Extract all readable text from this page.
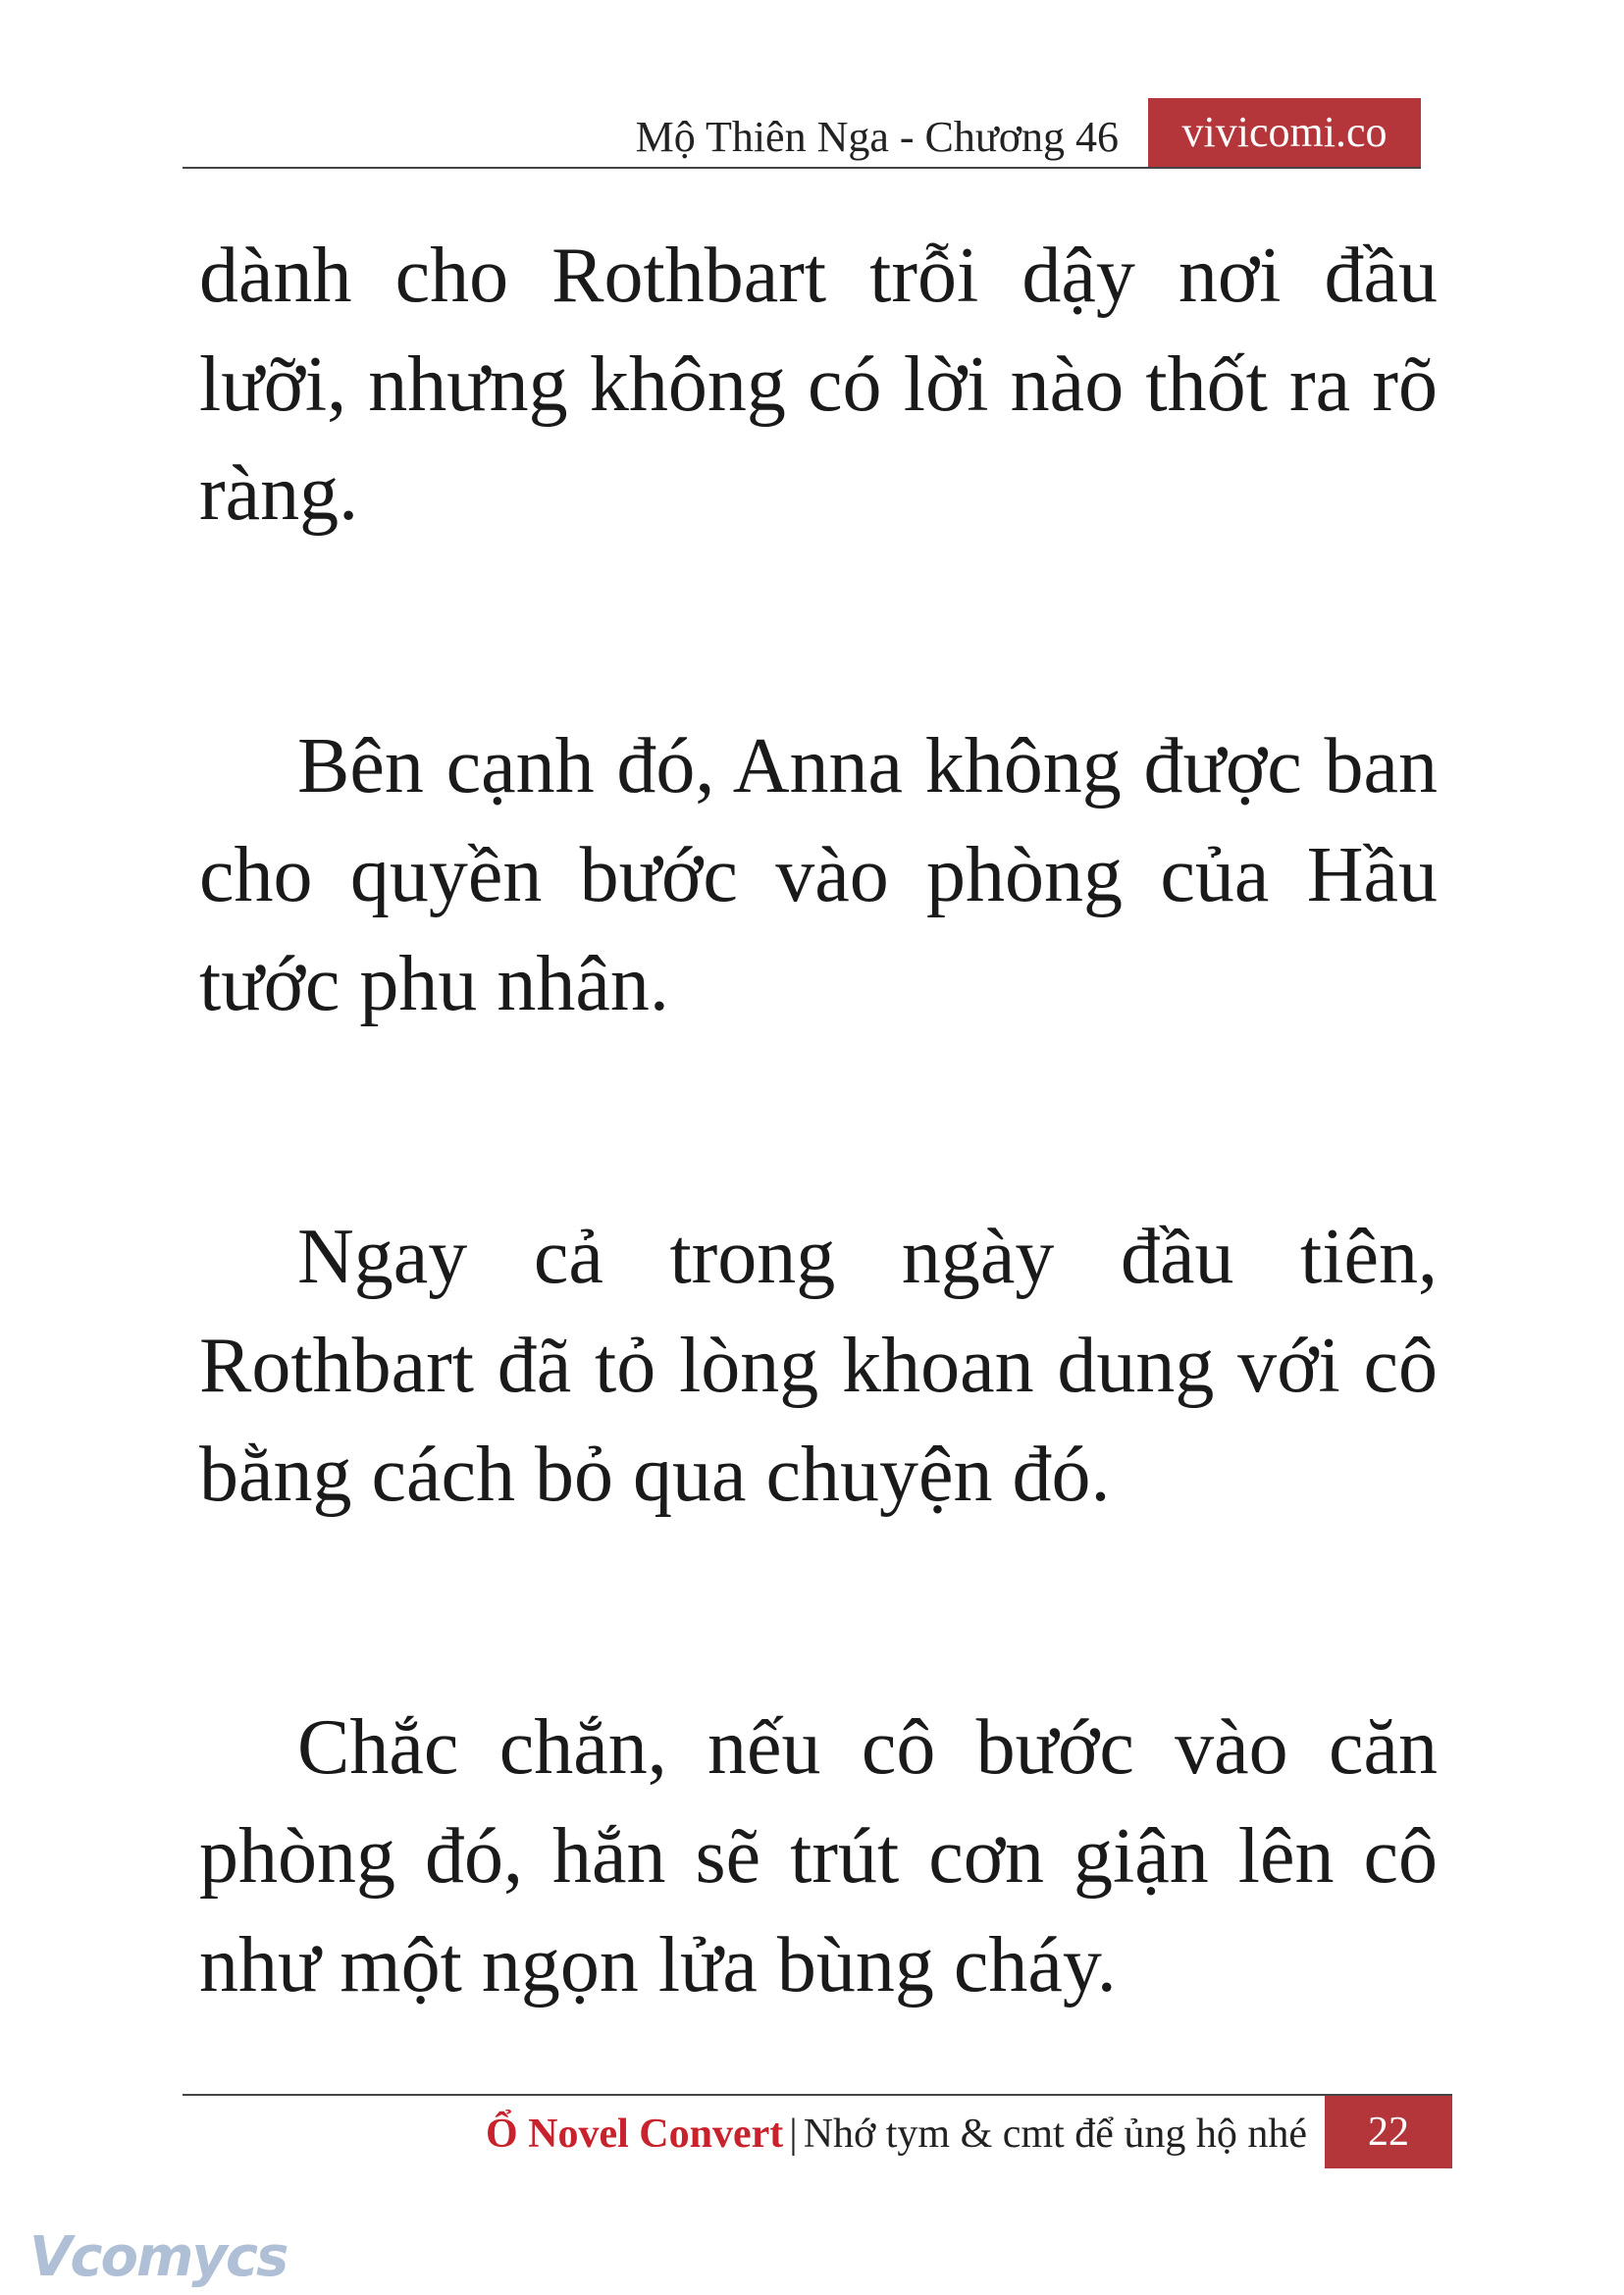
Mộ Thiên Nga - Chương 46	vivicomi.co

dành cho Rothbart trỗi dậy nơi đầu lưỡi, nhưng không có lời nào thốt ra rõ ràng.

Bên cạnh đó, Anna không được ban cho quyền bước vào phòng của Hầu tước phu nhân.

Ngay cả trong ngày đầu tiên, Rothbart đã tỏ lòng khoan dung với cô bằng cách bỏ qua chuyện đó.

Chắc chắn, nếu cô bước vào căn phòng đó, hắn sẽ trút cơn giận lên cô như một ngọn lửa bùng cháy.

Ổ Novel Convert | Nhớ tym & cmt để ủng hộ nhé	22
Vcomycs
